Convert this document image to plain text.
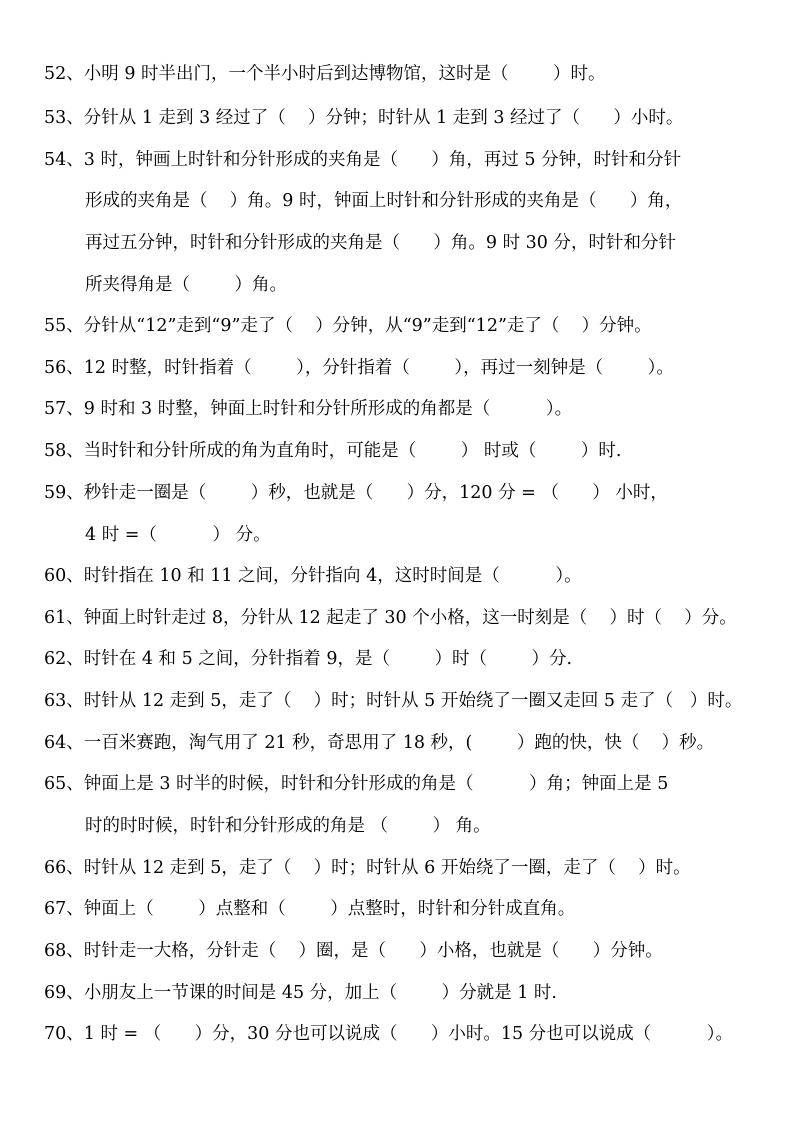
52、小明 9 时半出门，一个半小时后到达博物馆，这时是（        ）时。
53、分针从 1 走到 3 经过了（    ）分钟；时针从 1 走到 3 经过了（      ）小时。
54、3 时，钟画上时针和分针形成的夹角是（      ）角，再过 5 分钟，时针和分针
形成的夹角是（    ）角。9 时，钟面上时针和分针形成的夹角是（      ）角，
再过五分钟，时针和分针形成的夹角是（      ）角。9 时 30 分，时针和分针
所夹得角是（        ）角。
55、分针从“12”走到“9”走了（    ）分钟，从“9”走到“12”走了（    ）分钟。
56、12 时整，时针指着（        ），分针指着（        ），再过一刻钟是（        ）。
57、9 时和 3 时整，钟面上时针和分针所形成的角都是（          ）。
58、当时针和分针所成的角为直角时，可能是（        ） 时或（        ）时.
59、秒针走一圈是（        ）秒，也就是（      ）分，120 分 = （      ） 小时，
4 时 =（          ） 分。
60、时针指在 10 和 11 之间，分针指向 4，这时时间是（          ）。
61、钟面上时针走过 8，分针从 12 起走了 30 个小格，这一时刻是（    ）时（    ）分。
62、时针在 4 和 5 之间，分针指着 9，是（        ）时（        ）分.
63、时针从 12 走到 5，走了（    ）时；时针从 5 开始绕了一圈又走回 5 走了（   ）时。
64、一百米赛跑，淘气用了 21 秒，奇思用了 18 秒，(        ）跑的快，快（    ）秒。
65、钟面上是 3 时半的时候，时针和分针形成的角是（          ）角；钟面上是 5
时的时时候，时针和分针形成的角是 （        ） 角。
66、时针从 12 走到 5，走了（    ）时；时针从 6 开始绕了一圈，走了（    ）时。
67、钟面上（        ）点整和（        ）点整时，时针和分针成直角。
68、时针走一大格，分针走（    ）圈，是（      ）小格，也就是（      ）分钟。
69、小朋友上一节课的时间是 45 分，加上（        ）分就是 1 时.
70、1 时 = （      ）分，30 分也可以说成（      ）小时。15 分也可以说成（          ）。
